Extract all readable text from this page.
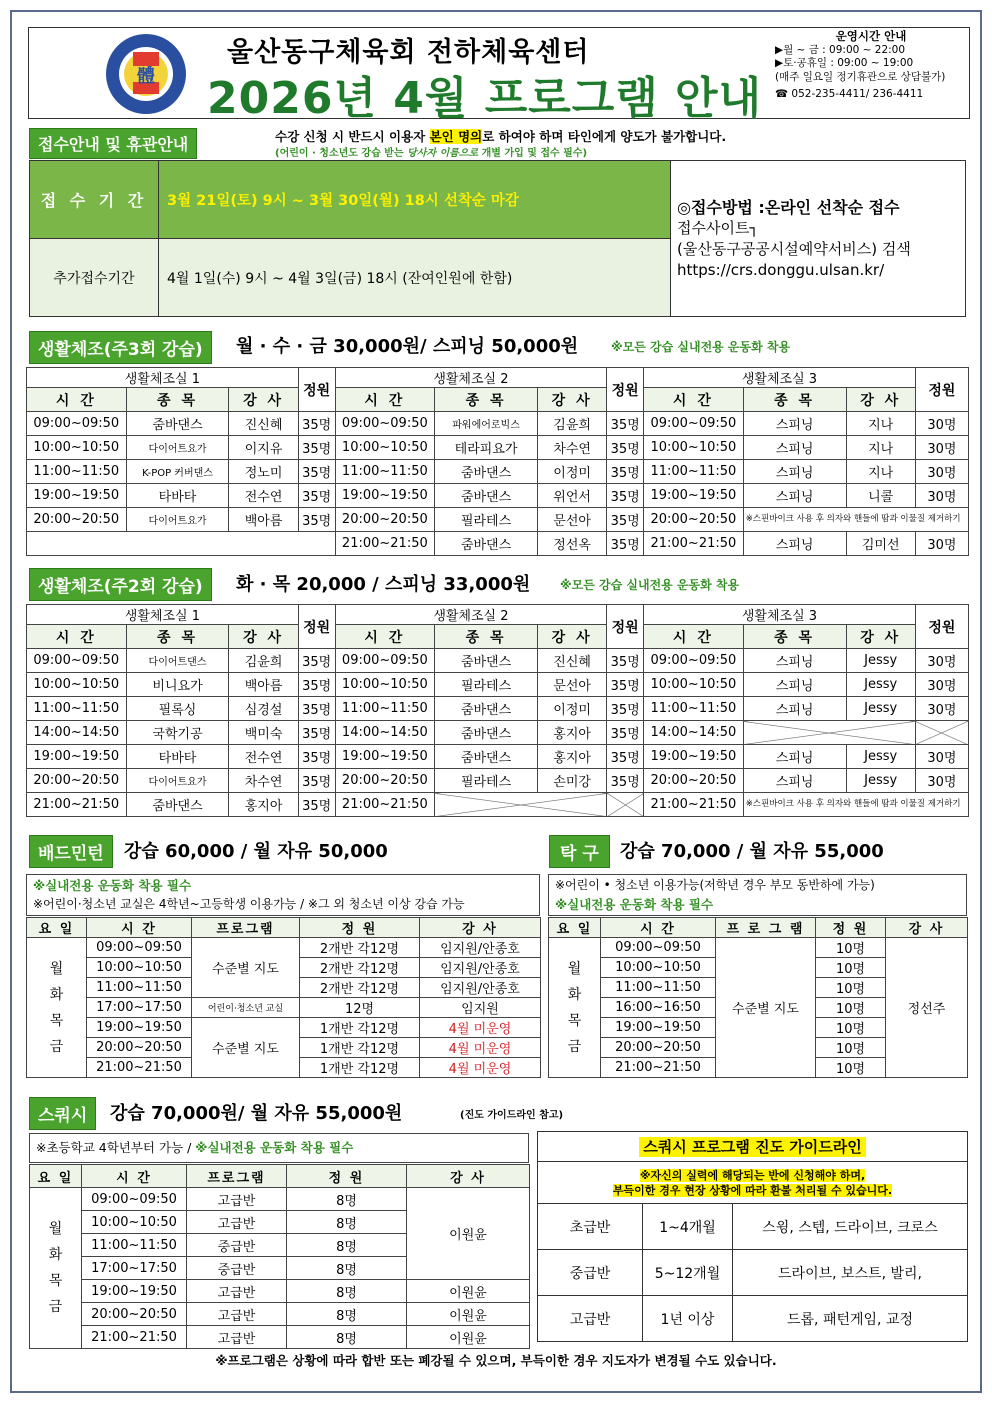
體
울산동구체육회 전하체육센터
2026년 4월 프로그램 안내
운영시간 안내
▶월 ~ 금 : 09:00 ~ 22:00
▶토·공휴일 : 09:00 ~ 19:00
(매주 일요일 정기휴관으로 상담불가)
☎ 052-235-4411/ 236-4411
접수안내 및 휴관안내	수강 신청 시 반드시 이용자 본인 명의로 하여야 하며 타인에게 양도가 불가합니다.
(어린이 · 청소년도 강습 받는 당사자 이름으로 개별 가입 및 접수 필수)
접 수 기 간	3월 21일(토) 9시 ~ 3월 30일(월) 18시 선착순 마감	◎접수방법 :온라인 선착순 접수
접수사이트┐
(울산동구공공시설예약서비스) 검색
https://crs.donggu.ulsan.kr/

추가접수기간	4월 1일(수) 9시 ~ 4월 3일(금) 18시 (잔여인원에 한함)	
생활체조(주3회 강습)	월 · 수 · 금 30,000원/ 스피닝 50,000원	※모든 강습 실내전용 운동화 착용
생활체조실 1			정원	생활체조실 2			정원	생활체조실 3			정원
시 간	종 목	강 사		시 간	종 목	강 사		시 간	종 목	강 사	
09:00~09:50	줌바댄스	진신혜	35명	09:00~09:50	파워에어로빅스	김윤희	35명	09:00~09:50	스피닝	지나	30명
10:00~10:50	다이어트요가	이지유	35명	10:00~10:50	테라피요가	차수연	35명	10:00~10:50	스피닝	지나	30명
11:00~11:50	K-POP 커버댄스	정노미	35명	11:00~11:50	줌바댄스	이정미	35명	11:00~11:50	스피닝	지나	30명
19:00~19:50	타바타	전수연	35명	19:00~19:50	줌바댄스	위언서	35명	19:00~19:50	스피닝	니콜	30명
20:00~20:50	다이어트요가	백아름	35명	20:00~20:50	필라테스	문선아	35명	20:00~20:50	※스핀바이크 사용 후 의자와 핸들에 땀과 이물질 제거하기		
				21:00~21:50	줌바댄스	정선옥	35명	21:00~21:50	스피닝	김미선	30명
생활체조(주2회 강습)	화 · 목 20,000 / 스피닝 33,000원 ※모든 강습 실내전용 운동화 착용
생활체조실 1			정원	생활체조실 2			정원	생활체조실 3			정원
시 간	종 목	강 사		시 간	종 목	강 사		시 간	종 목	강 사	
09:00~09:50	다이어트댄스	김윤희	35명	09:00~09:50	줌바댄스	진신혜	35명	09:00~09:50	스피닝	Jessy	30명
10:00~10:50	비니요가	백아름	35명	10:00~10:50	필라테스	문선아	35명	10:00~10:50	스피닝	Jessy	30명
11:00~11:50	필록싱	심경설	35명	11:00~11:50	줌바댄스	이정미	35명	11:00~11:50	스피닝	Jessy	30명
14:00~14:50	국학기공	백미숙	35명	14:00~14:50	줌바댄스	홍지아	35명	14:00~14:50			
19:00~19:50	타바타	전수연	35명	19:00~19:50	줌바댄스	홍지아	35명	19:00~19:50	스피닝	Jessy	30명
20:00~20:50	다이어트요가	차수연	35명	20:00~20:50	필라테스	손미강	35명	20:00~20:50	스피닝	Jessy	30명
21:00~21:50	줌바댄스	홍지아	35명	21:00~21:50				21:00~21:50	※스핀바이크 사용 후 의자와 핸들에 땀과 이물질 제거하기		
배드민턴	강습 60,000 / 월 자유 50,000
※실내전용 운동화 착용 필수
※어린이·청소년 교실은 4학년~고등학생 이용가능 / ※그 외 청소년 이상 강습 가능
요 일	시 간	프로그램	정 원	강 사

월
화
목
금	09:00~09:50	수준별 지도	2개반 각12명	임지원/안종호
	10:00~10:50		2개반 각12명	임지원/안종호
	11:00~11:50		2개반 각12명	임지원/안종호
	17:00~17:50	어린이·청소년 교실	12명	임지원
	19:00~19:50	수준별 지도	1개반 각12명	4월 미운영
	20:00~20:50		1개반 각12명	4월 미운영
	21:00~21:50		1개반 각12명	4월 미운영
탁 구	강습 70,000 / 월 자유 55,000
※어린이 • 청소년 이용가능(저학년 경우 부모 동반하에 가능)
※실내전용 운동화 착용 필수
요 일	시 간	프 로 그 램	정 원	강 사

월
화
목
금	09:00~09:50	수준별 지도	10명	정선주
	10:00~10:50		10명	
	11:00~11:50		10명	
	16:00~16:50		10명	
	19:00~19:50		10명	
	20:00~20:50		10명	
	21:00~21:50		10명	
스쿼시	강습 70,000원/ 월 자유 55,000원	(진도 가이드라인 참고)
※초등학교 4학년부터 가능 / ※실내전용 운동화 착용 필수
요 일	시 간	프로그램	정 원	강 사

월
화
목
금	09:00~09:50	고급반	8명	이원윤
	10:00~10:50	고급반	8명	
	11:00~11:50	중급반	8명	
	17:00~17:50	중급반	8명	
	19:00~19:50	고급반	8명	이원윤
	20:00~20:50	고급반	8명	이원윤
	21:00~21:50	고급반	8명	이원윤
스쿼시 프로그램 진도 가이드라인		

※자신의 실력에 해당되는 반에 신청해야 하며,
부득이한 경우 현장 상황에 따라 환불 처리될 수 있습니다.		

초급반	1~4개월	스윙, 스텝, 드라이브, 크로스
중급반	5~12개월	드라이브, 보스트, 발리,
고급반	1년 이상	드롭, 패턴게임, 교정
※프로그램은 상황에 따라 합반 또는 폐강될 수 있으며, 부득이한 경우 지도자가 변경될 수도 있습니다.
